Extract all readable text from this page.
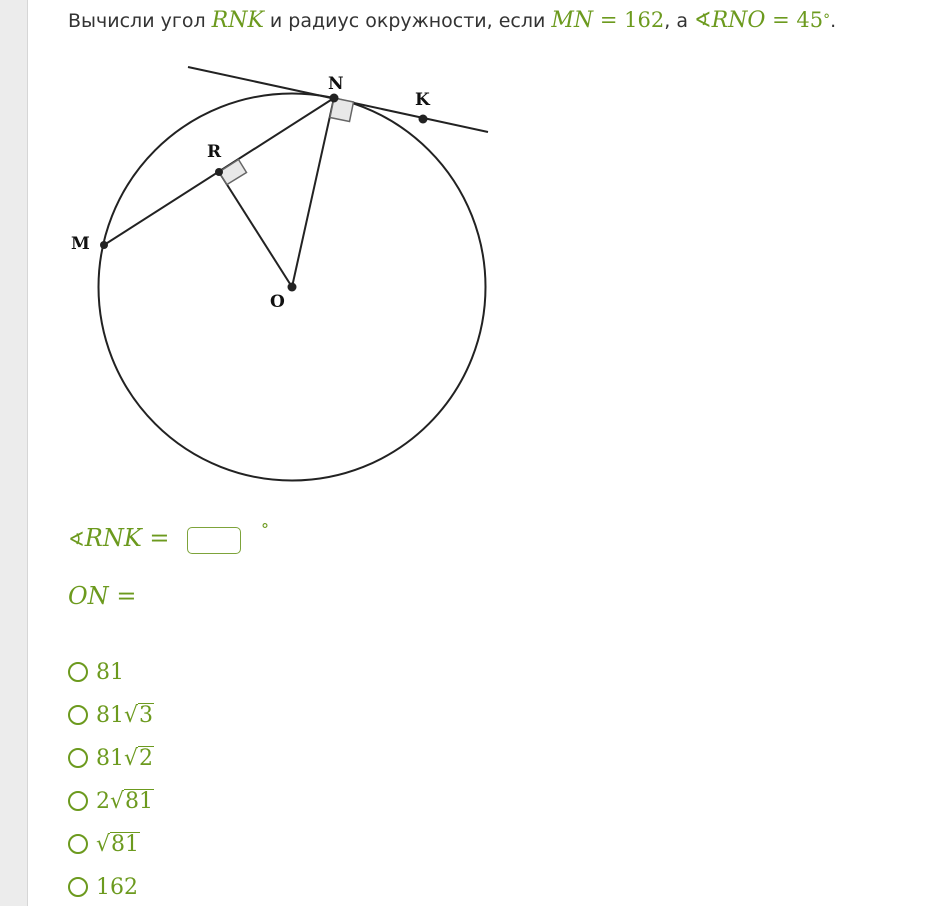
Вычисли угол RNK и радиус окружности, если MN = 162, а ∢RNO = 45°.
M
R
N
K
O
∢RNK =	°
ON =
81
81 √ 3
81 √ 2
2 √ 81
√ 81
162
